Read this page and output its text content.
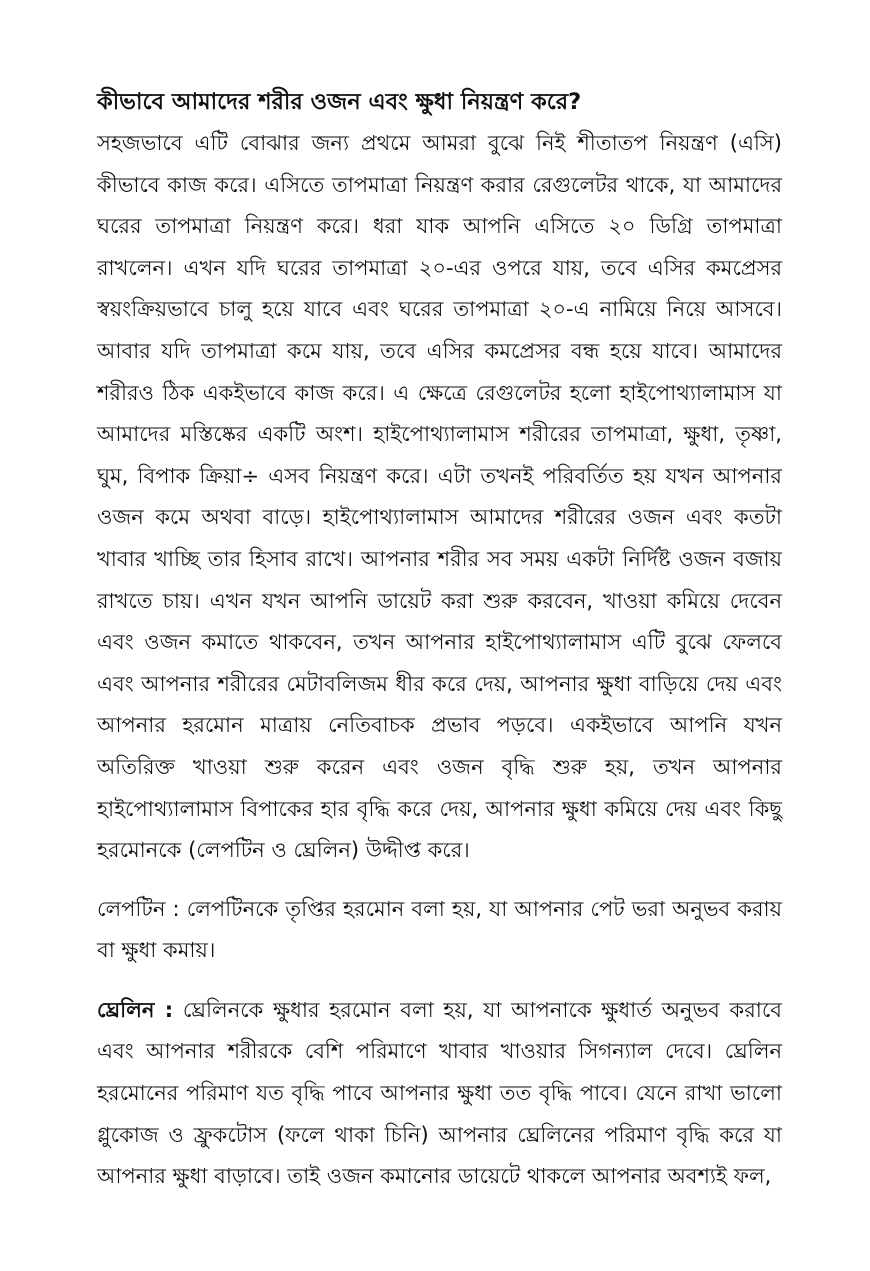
কীভাবে আমাদের শরীর ওজন এবং ক্ষুধা নিয়ন্ত্রণ করে?

সহজভাবে এটি বোঝার জন্য প্রথমে আমরা বুঝে নিই শীতাতপ নিয়ন্ত্রণ (এসি) কীভাবে কাজ করে। এসিতে তাপমাত্রা নিয়ন্ত্রণ করার রেগুলেটর থাকে, যা আমাদের ঘরের তাপমাত্রা নিয়ন্ত্রণ করে। ধরা যাক আপনি এসিতে ২০ ডিগ্রি তাপমাত্রা রাখলেন। এখন যদি ঘরের তাপমাত্রা ২০-এর ওপরে যায়, তবে এসির কমপ্রেসর স্বয়ংক্রিয়ভাবে চালু হয়ে যাবে এবং ঘরের তাপমাত্রা ২০-এ নামিয়ে নিয়ে আসবে। আবার যদি তাপমাত্রা কমে যায়, তবে এসির কমপ্রেসর বন্ধ হয়ে যাবে। আমাদের শরীরও ঠিক একইভাবে কাজ করে। এ ক্ষেত্রে রেগুলেটর হলো হাইপোথ্যালামাস যা আমাদের মস্তিষ্কের একটি অংশ। হাইপোথ্যালামাস শরীরের তাপমাত্রা, ক্ষুধা, তৃষ্ণা, ঘুম, বিপাক ক্রিয়া÷ এসব নিয়ন্ত্রণ করে। এটা তখনই পরিবর্তিত হয় যখন আপনার ওজন কমে অথবা বাড়ে। হাইপোথ্যালামাস আমাদের শরীরের ওজন এবং কতটা খাবার খাচ্ছি তার হিসাব রাখে। আপনার শরীর সব সময় একটা নির্দিষ্ট ওজন বজায় রাখতে চায়। এখন যখন আপনি ডায়েট করা শুরু করবেন, খাওয়া কমিয়ে দেবেন এবং ওজন কমাতে থাকবেন, তখন আপনার হাইপোথ্যালামাস এটি বুঝে ফেলবে এবং আপনার শরীরের মেটাবলিজম ধীর করে দেয়, আপনার ক্ষুধা বাড়িয়ে দেয় এবং আপনার হরমোন মাত্রায় নেতিবাচক প্রভাব পড়বে। একইভাবে আপনি যখন অতিরিক্ত খাওয়া শুরু করেন এবং ওজন বৃদ্ধি শুরু হয়, তখন আপনার হাইপোথ্যালামাস বিপাকের হার বৃদ্ধি করে দেয়, আপনার ক্ষুধা কমিয়ে দেয় এবং কিছু হরমোনকে (লেপটিন ও ঘ্রেলিন) উদ্দীপ্ত করে।

লেপটিন : লেপটিনকে তৃপ্তির হরমোন বলা হয়, যা আপনার পেট ভরা অনুভব করায় বা ক্ষুধা কমায়।

ঘ্রেলিন : ঘ্রেলিনকে ক্ষুধার হরমোন বলা হয়, যা আপনাকে ক্ষুধার্ত অনুভব করাবে এবং আপনার শরীরকে বেশি পরিমাণে খাবার খাওয়ার সিগন্যাল দেবে। ঘ্রেলিন হরমোনের পরিমাণ যত বৃদ্ধি পাবে আপনার ক্ষুধা তত বৃদ্ধি পাবে। যেনে রাখা ভালো গ্লুকোজ ও ফ্রুকটোস (ফলে থাকা চিনি) আপনার ঘ্রেলিনের পরিমাণ বৃদ্ধি করে যা আপনার ক্ষুধা বাড়াবে। তাই ওজন কমানোর ডায়েটে থাকলে আপনার অবশ্যই ফল,
